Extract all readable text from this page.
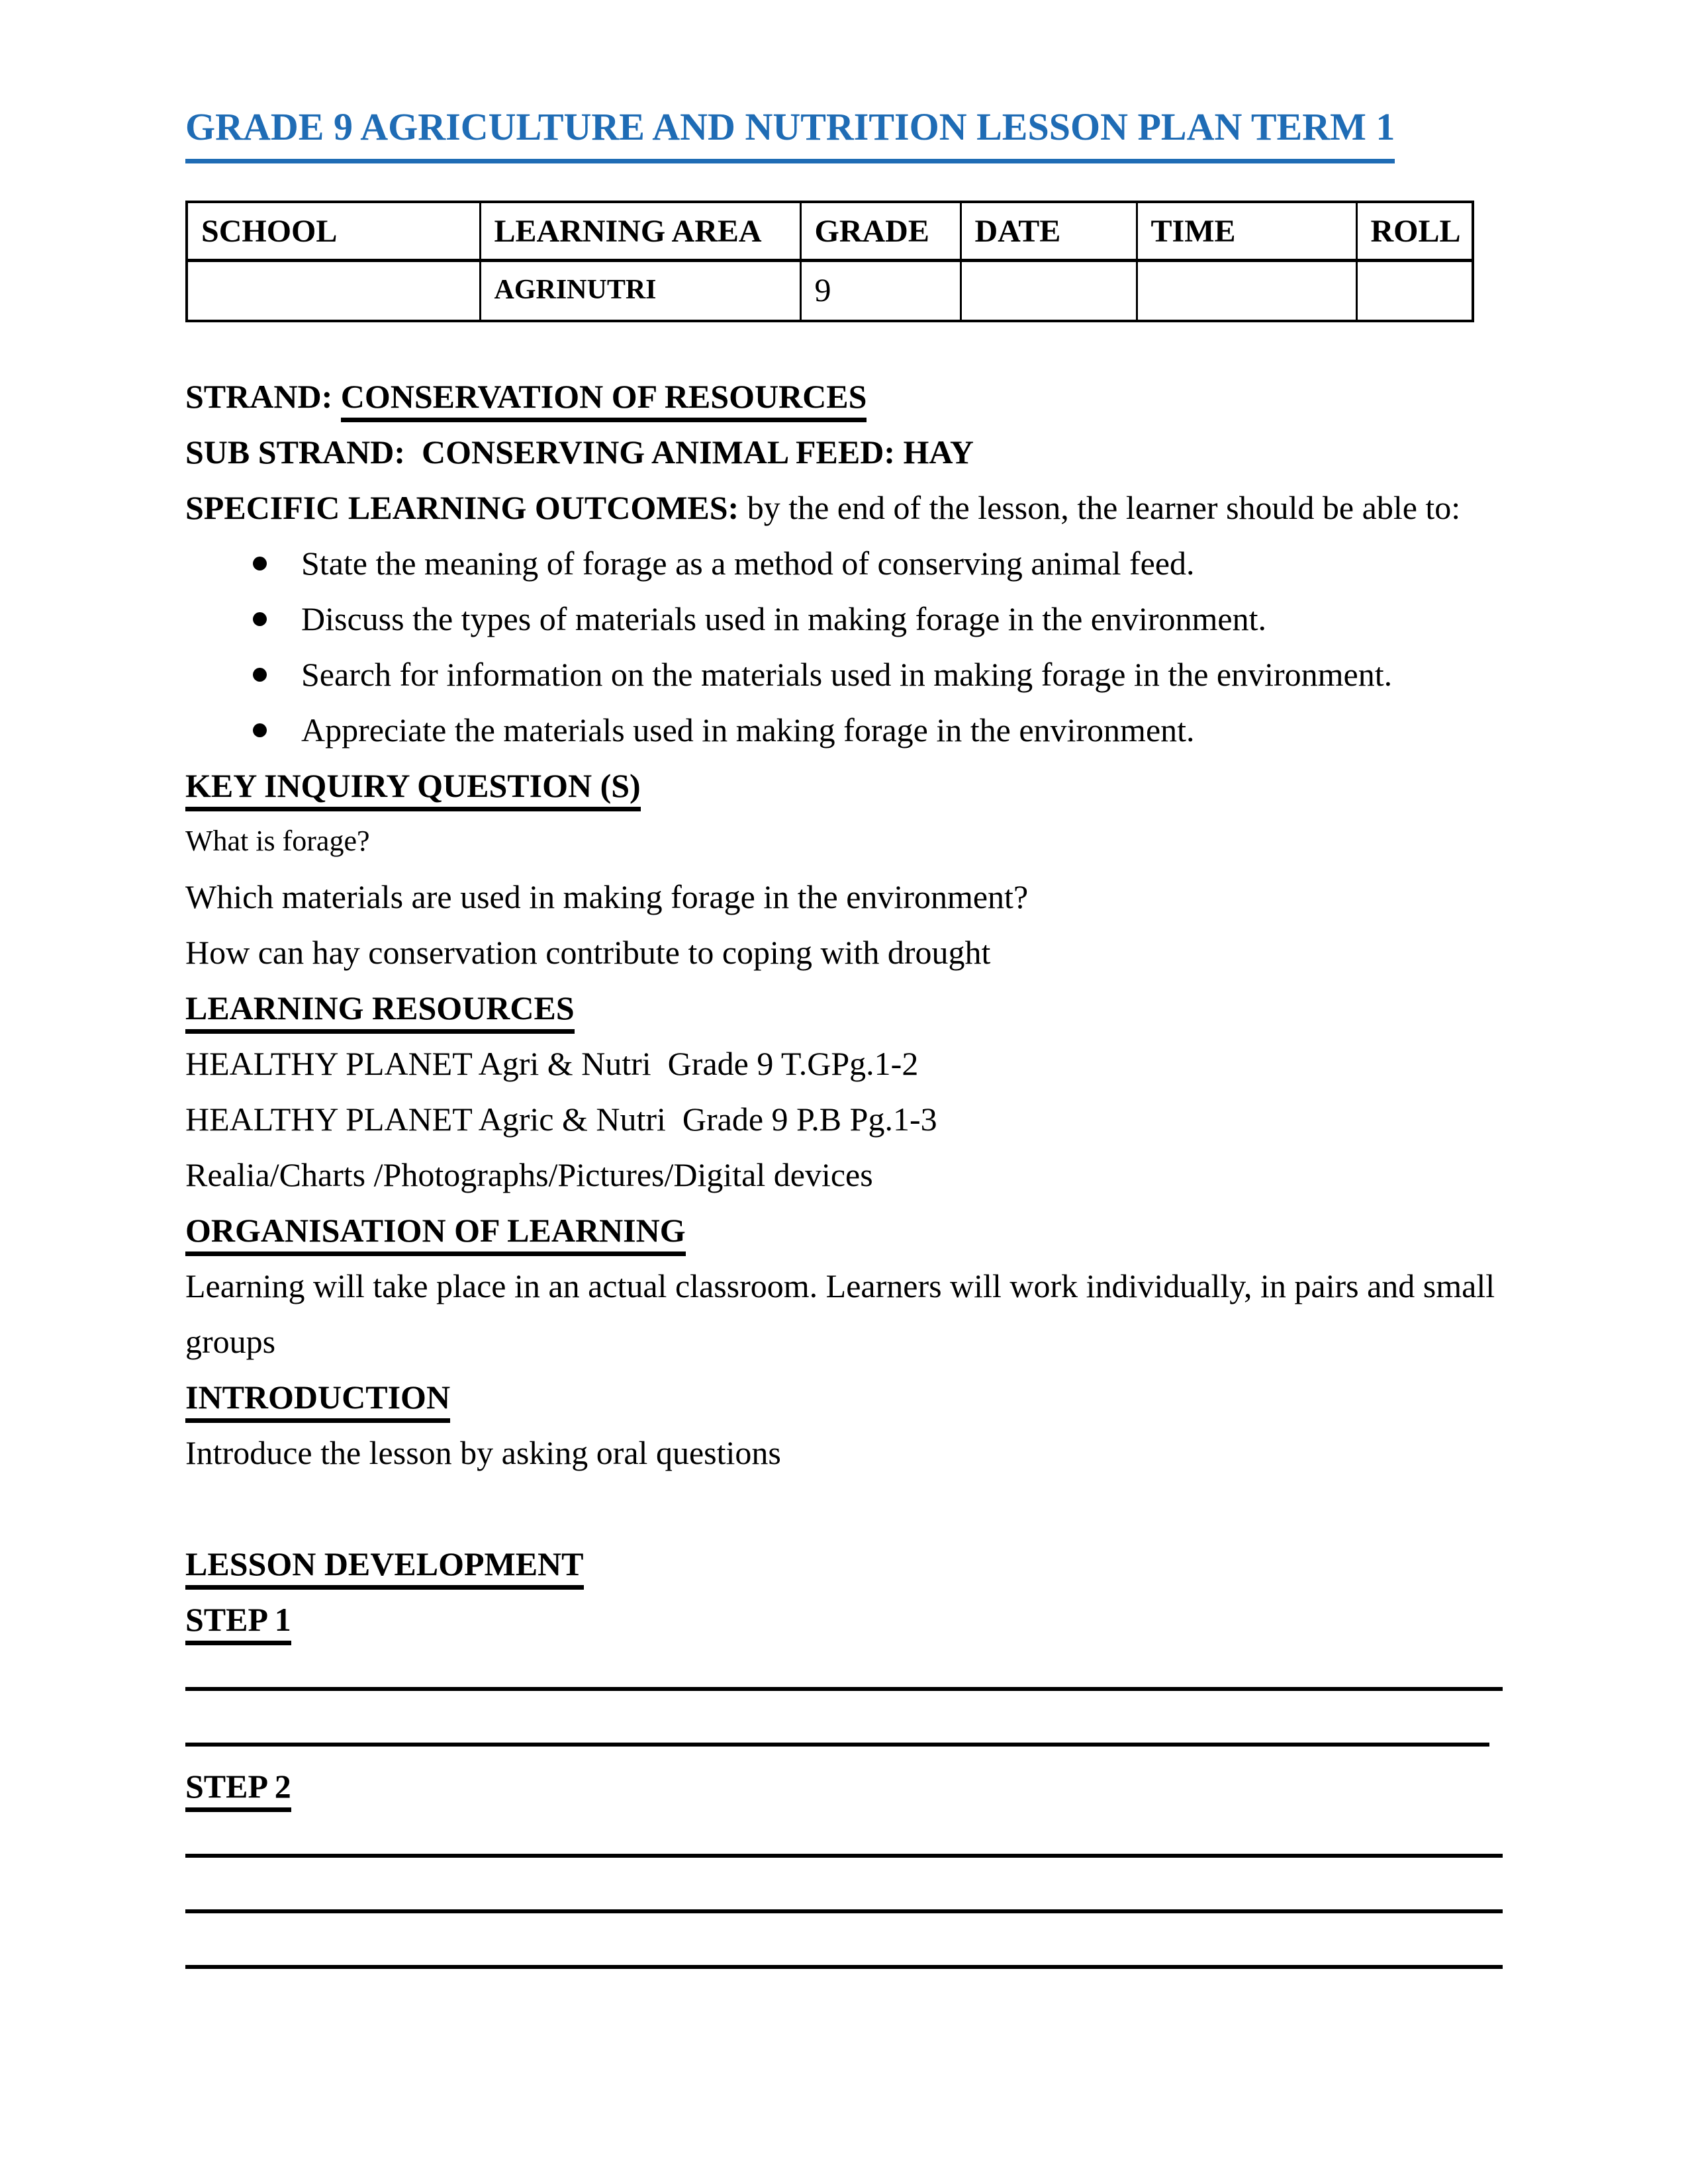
GRADE 9 AGRICULTURE AND NUTRITION LESSON PLAN TERM 1
SCHOOL	LEARNING AREA	GRADE	DATE	TIME	ROLL
	AGRINUTRI	9			

STRAND: CONSERVATION OF RESOURCES

SUB STRAND:  CONSERVING ANIMAL FEED: HAY

SPECIFIC LEARNING OUTCOMES: by the end of the lesson, the learner should be able to:

State the meaning of forage as a method of conserving animal feed.
Discuss the types of materials used in making forage in the environment.
Search for information on the materials used in making forage in the environment.
Appreciate the materials used in making forage in the environment.

KEY INQUIRY QUESTION (S)

What is forage?

Which materials are used in making forage in the environment?

How can hay conservation contribute to coping with drought

LEARNING RESOURCES

HEALTHY PLANET Agri & Nutri  Grade 9 T.GPg.1-2

HEALTHY PLANET Agric & Nutri  Grade 9 P.B Pg.1-3

Realia/Charts /Photographs/Pictures/Digital devices

ORGANISATION OF LEARNING

Learning will take place in an actual classroom. Learners will work individually, in pairs and small groups

INTRODUCTION

Introduce the lesson by asking oral questions

LESSON DEVELOPMENT

STEP 1

STEP 2
